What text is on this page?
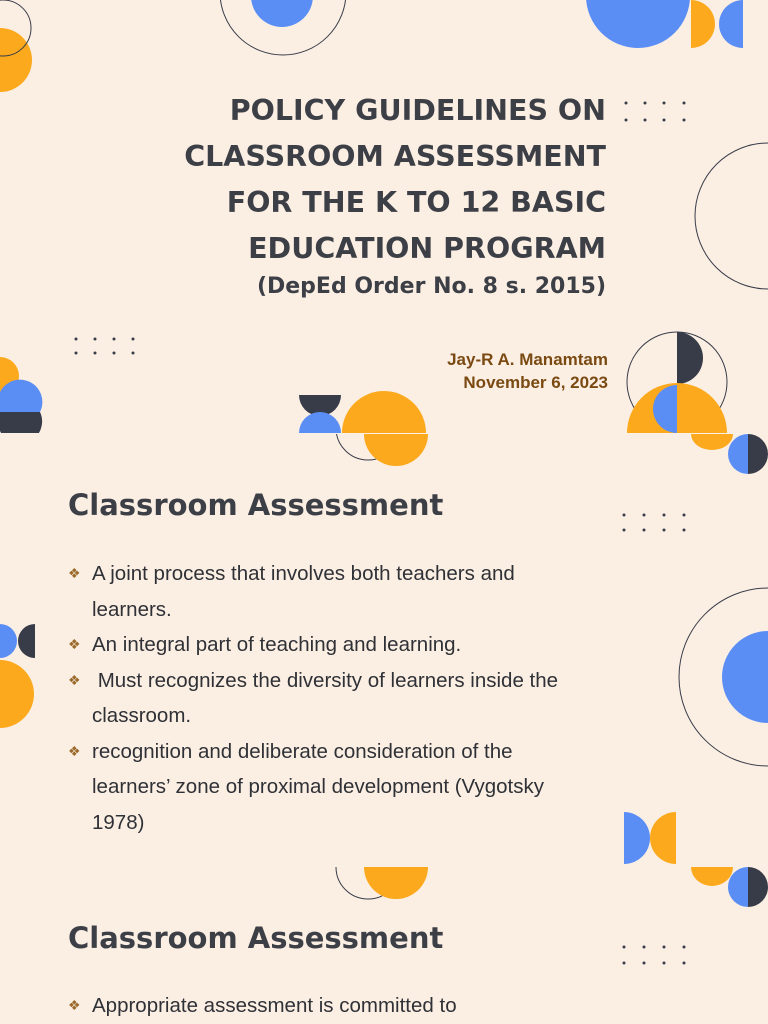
POLICY GUIDELINES ON
CLASSROOM ASSESSMENT
FOR THE K TO 12 BASIC
EDUCATION PROGRAM
(DepEd Order No. 8 s. 2015)
Jay-R A. Manamtam
November 6, 2023
Classroom Assessment
❖ A joint process that involves both teachers and learners.
❖ An integral part of teaching and learning.
❖ Must recognizes the diversity of learners inside the classroom.
❖ recognition and deliberate consideration of the learners’ zone of proximal development (Vygotsky 1978)
Classroom Assessment
❖ Appropriate assessment is committed to
